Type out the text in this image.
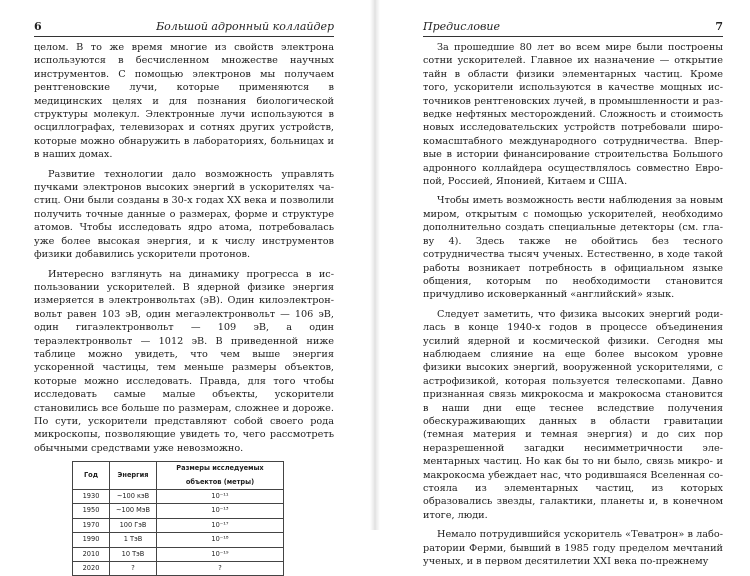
6	Большой адронный коллайдер

целом. В то же время многие из свойств электрона используются в бесчисленном множестве научных инструментов. С помощью электронов мы получаем рентгеновские лучи, которые применяются в медицинских целях и для познания биологической структуры молекул. Электронные лучи используются в осциллографах, телевизорах и сотнях других устройств, которые можно обнаружить в лабораториях, больницах и в наших домах.

Развитие технологии дало возможность управлять пучками электронов высоких энергий в ускорителях частиц. Они были созданы в 30-х годах XX века и позволили получить точные данные о размерах, форме и структуре атомов. Чтобы исследовать ядро атома, потребовалась уже более высокая энергия, и к числу инструментов физики добавились ускорители протонов.

Интересно взглянуть на динамику прогресса в использовании ускорителей. В ядерной физике энергия измеряется в электронвольтах (эВ). Один килоэлектронвольт равен 103 эВ, один мегаэлектронвольт — 106 эВ, один гигаэлектронвольт — 109 эВ, а один тераэлектронвольт — 1012 эВ. В приведенной ниже таблице можно увидеть, что чем выше энергия ускоренной частицы, тем меньше размеры объектов, которые можно исследовать. Правда, для того чтобы исследовать самые малые объекты, ускорители становились все больше по размерам, сложнее и дороже. По сути, ускорители представляют собой своего рода микроскопы, позволяющие увидеть то, чего рассмотреть обычными средствами уже невозможно.

Год	Энергия	Размеры исследуемых объектов (метры)
1930	~100 кэВ	10⁻¹¹
1950	~100 МэВ	10⁻¹³
1970	100 ГэВ	10⁻¹⁷
1990	1 ТэВ	10⁻¹⁸
2010	10 ТэВ	10⁻¹⁹
2020	?	?
Предисловие	7

За прошедшие 80 лет во всем мире были построены сотни ускорителей. Главное их назначение — открытие тайн в области физики элементарных частиц. Кроме того, ускорители используются в качестве мощных источников рентгеновских лучей, в промышленности и разведке нефтяных месторождений. Сложность и стоимость новых исследовательских устройств потребовали широкомасштабного международного сотрудничества. Впервые в истории финансирование строительства Большого адронного коллайдера осуществлялось совместно Европой, Россией, Японией, Китаем и США.

Чтобы иметь возможность вести наблюдения за новым миром, открытым с помощью ускорителей, необходимо дополнительно создать специальные детекторы (см. главу 4). Здесь также не обойтись без тесного сотрудничества тысяч ученых. Естественно, в ходе такой работы возникает потребность в официальном языке общения, которым по необходимости становится причудливо исковерканный «английский» язык.

Следует заметить, что физика высоких энергий родилась в конце 1940-х годов в процессе объединения усилий ядерной и космической физики. Сегодня мы наблюдаем слияние на еще более высоком уровне физики высоких энергий, вооруженной ускорителями, с астрофизикой, которая пользуется телескопами. Давно признанная связь микрокосма и макрокосма становится в наши дни еще теснее вследствие получения обескураживающих данных в области гравитации (темная материя и темная энергия) и до сих пор неразрешенной загадки несимметричности элементарных частиц. Но как бы то ни было, связь микро- и макрокосма убеждает нас, что родившаяся Вселенная состояла из элементарных частиц, из которых образовались звезды, галактики, планеты и, в конечном итоге, люди.

Немало потрудившийся ускоритель «Теватрон» в лаборатории Ферми, бывший в 1985 году пределом мечтаний ученых, и в первом десятилетии XXI века по-прежнему
